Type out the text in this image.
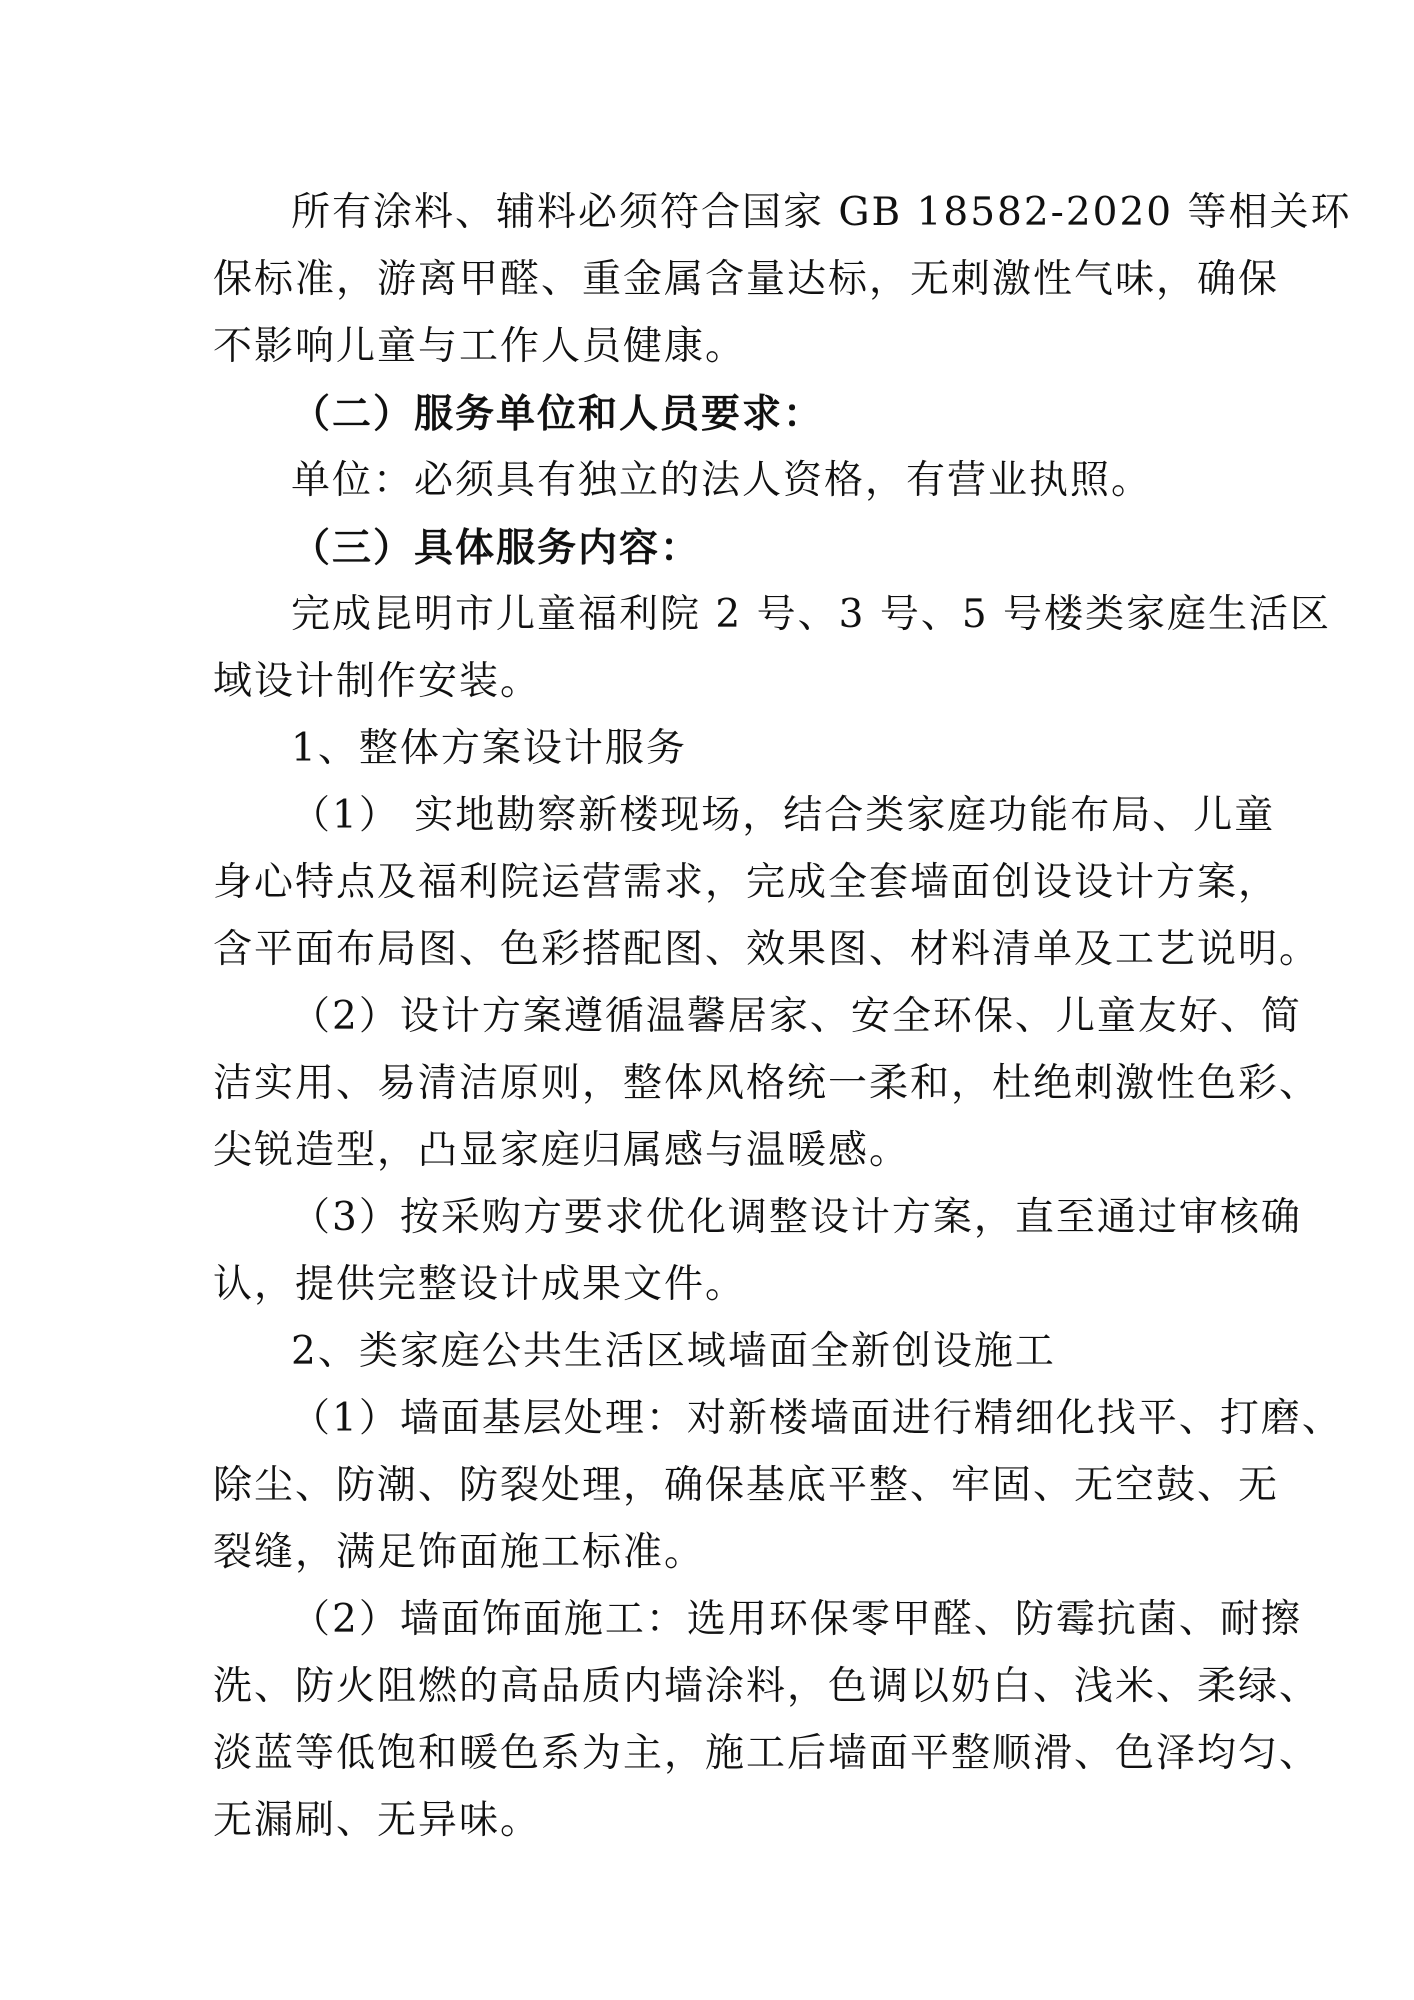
所有涂料、辅料必须符合国家 GB 18582-2020 等相关环
保标准，游离甲醛、重金属含量达标，无刺激性气味，确保
不影响儿童与工作人员健康。
（二）服务单位和人员要求：
单位：必须具有独立的法人资格，有营业执照。
（三）具体服务内容：
完成昆明市儿童福利院 2 号、3 号、5 号楼类家庭生活区
域设计制作安装。
1、整体方案设计服务
（1） 实地勘察新楼现场，结合类家庭功能布局、儿童
身心特点及福利院运营需求，完成全套墙面创设设计方案，
含平面布局图、色彩搭配图、效果图、材料清单及工艺说明。
（2）设计方案遵循温馨居家、安全环保、儿童友好、简
洁实用、易清洁原则，整体风格统一柔和，杜绝刺激性色彩、
尖锐造型，凸显家庭归属感与温暖感。
（3）按采购方要求优化调整设计方案，直至通过审核确
认，提供完整设计成果文件。
2、类家庭公共生活区域墙面全新创设施工
（1）墙面基层处理：对新楼墙面进行精细化找平、打磨、
除尘、防潮、防裂处理，确保基底平整、牢固、无空鼓、无
裂缝，满足饰面施工标准。
（2）墙面饰面施工：选用环保零甲醛、防霉抗菌、耐擦
洗、防火阻燃的高品质内墙涂料，色调以奶白、浅米、柔绿、
淡蓝等低饱和暖色系为主，施工后墙面平整顺滑、色泽均匀、
无漏刷、无异味。
